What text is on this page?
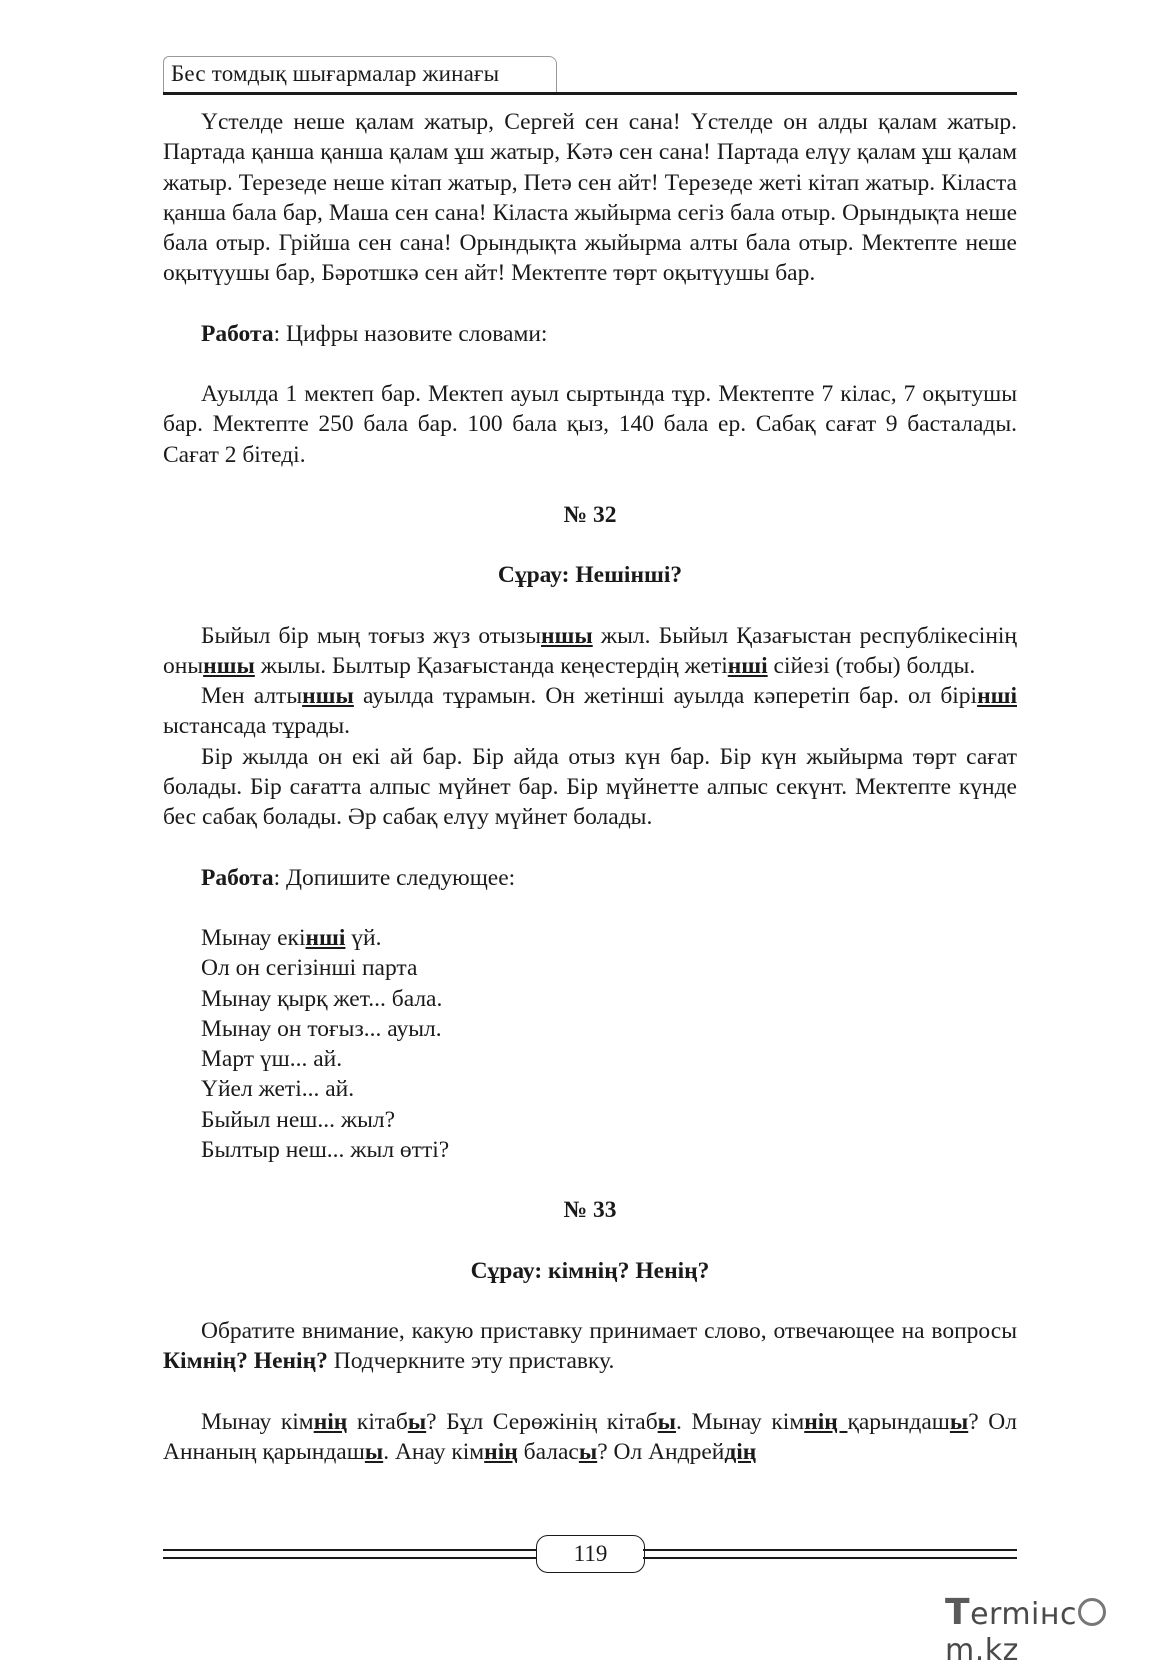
Бес томдық шығармалар жинағы

Үстелде неше қалам жатыр, Сергей сен сана! Үстелде он алды қалам жатыр. Партада қанша қанша қалам ұш жатыр, Кәтә сен сана! Партада елүу қалам ұш қалам жатыр. Терезеде неше кітап жатыр, Петә сен айт! Терезеде жеті кітап жатыр. Кіласта қанша бала бар, Маша сен сана! Кіласта жыйырма сегіз бала отыр. Орындықта неше бала отыр. Грійша сен сана! Орындықта жыйырма алты бала отыр. Мектепте неше оқытүушы бар, Бәротшкә сен айт! Мектепте төрт оқытүушы бар.

Работа: Цифры назовите словами:

Ауылда 1 мектеп бар. Мектеп ауыл сыртында тұр. Мектепте 7 кілас, 7 оқытушы бар. Мектепте 250 бала бар. 100 бала қыз, 140 бала ер. Сабақ сағат 9 басталады. Сағат 2 бітеді.

№ 32

Сұрау: Нешінші?

Быйыл бір мың тоғыз жүз отызыншы жыл. Быйыл Қазағыстан республікесінің оныншы жылы. Былтыр Қазағыстанда кеңестердің жетінші сійезі (тобы) болды.

Мен алтыншы ауылда тұрамын. Он жетінші ауылда кәперетіп бар. ол бірінші ыстансада тұрады.

Бір жылда он екі ай бар. Бір айда отыз күн бар. Бір күн жыйырма төрт сағат болады. Бір сағатта алпыс мүйнет бар. Бір мүйнетте алпыс секүнт. Мектепте күнде бес сабақ болады. Әр сабақ елүу мүйнет болады.

Работа: Допишите следующее:

Мынау екінші үй.
Ол он сегізінші парта
Мынау қырқ жет... бала.
Мынау он тоғыз... ауыл.
Март үш... ай.
Үйел жеті... ай.
Быйыл неш... жыл?
Былтыр неш... жыл өтті?

№ 33

Сұрау: кімнің? Ненің?

Обратите внимание, какую приставку принимает слово, отвечающее на вопросы Кімнің? Ненің? Подчеркните эту приставку.

Мынау кімнің кітабы? Бұл Серөжінің кітабы. Мынау кімнің қарындашы? Ол Аннаның қарындашы. Анау кімнің баласы? Ол Андрейдің

119
Termінcm.kz
